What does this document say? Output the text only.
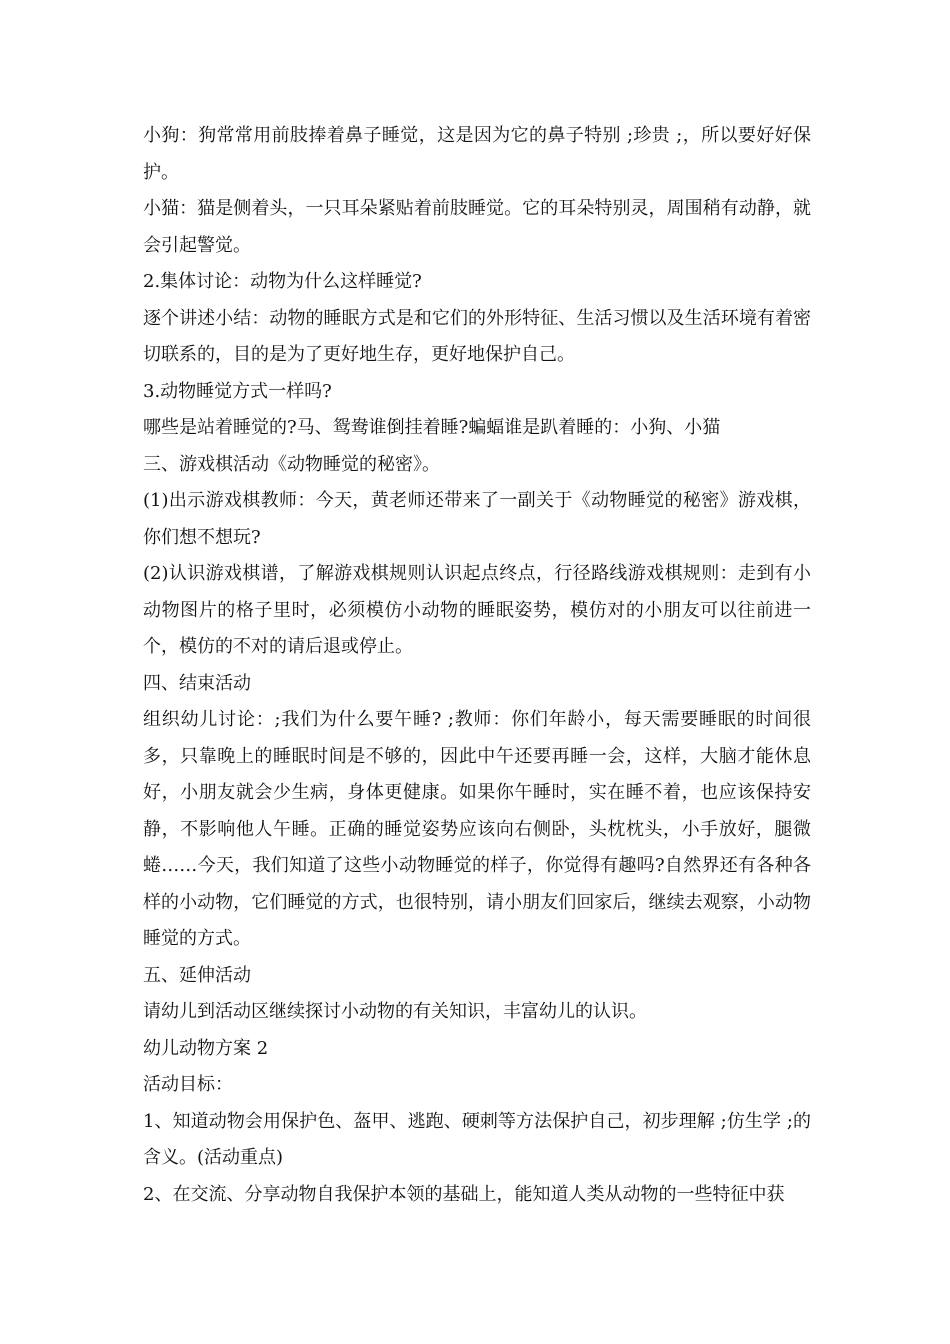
小狗：狗常常用前肢捧着鼻子睡觉，这是因为它的鼻子特别 ;珍贵 ;，所以要好好保护。

小猫：猫是侧着头，一只耳朵紧贴着前肢睡觉。它的耳朵特别灵，周围稍有动静，就会引起警觉。

2.集体讨论：动物为什么这样睡觉?

逐个讲述小结：动物的睡眠方式是和它们的外形特征、生活习惯以及生活环境有着密切联系的，目的是为了更好地生存，更好地保护自己。

3.动物睡觉方式一样吗?

哪些是站着睡觉的?马、鸳鸯谁倒挂着睡?蝙蝠谁是趴着睡的：小狗、小猫

三、游戏棋活动《动物睡觉的秘密》。

(1)出示游戏棋教师：今天，黄老师还带来了一副关于《动物睡觉的秘密》游戏棋，你们想不想玩?

(2)认识游戏棋谱，了解游戏棋规则认识起点终点，行径路线游戏棋规则：走到有小动物图片的格子里时，必须模仿小动物的睡眠姿势，模仿对的小朋友可以往前进一个，模仿的不对的请后退或停止。

四、结束活动

组织幼儿讨论：;我们为什么要午睡? ;教师：你们年龄小，每天需要睡眠的时间很多，只靠晚上的睡眠时间是不够的，因此中午还要再睡一会，这样，大脑才能休息好，小朋友就会少生病，身体更健康。如果你午睡时，实在睡不着，也应该保持安静，不影响他人午睡。正确的睡觉姿势应该向右侧卧，头枕枕头，小手放好，腿微蜷……今天，我们知道了这些小动物睡觉的样子，你觉得有趣吗?自然界还有各种各样的小动物，它们睡觉的方式，也很特别，请小朋友们回家后，继续去观察，小动物睡觉的方式。

五、延伸活动

请幼儿到活动区继续探讨小动物的有关知识，丰富幼儿的认识。

幼儿动物方案 2

活动目标：

1、知道动物会用保护色、盔甲、逃跑、硬刺等方法保护自己，初步理解 ;仿生学 ;的含义。(活动重点)

2、在交流、分享动物自我保护本领的基础上，能知道人类从动物的一些特征中获
